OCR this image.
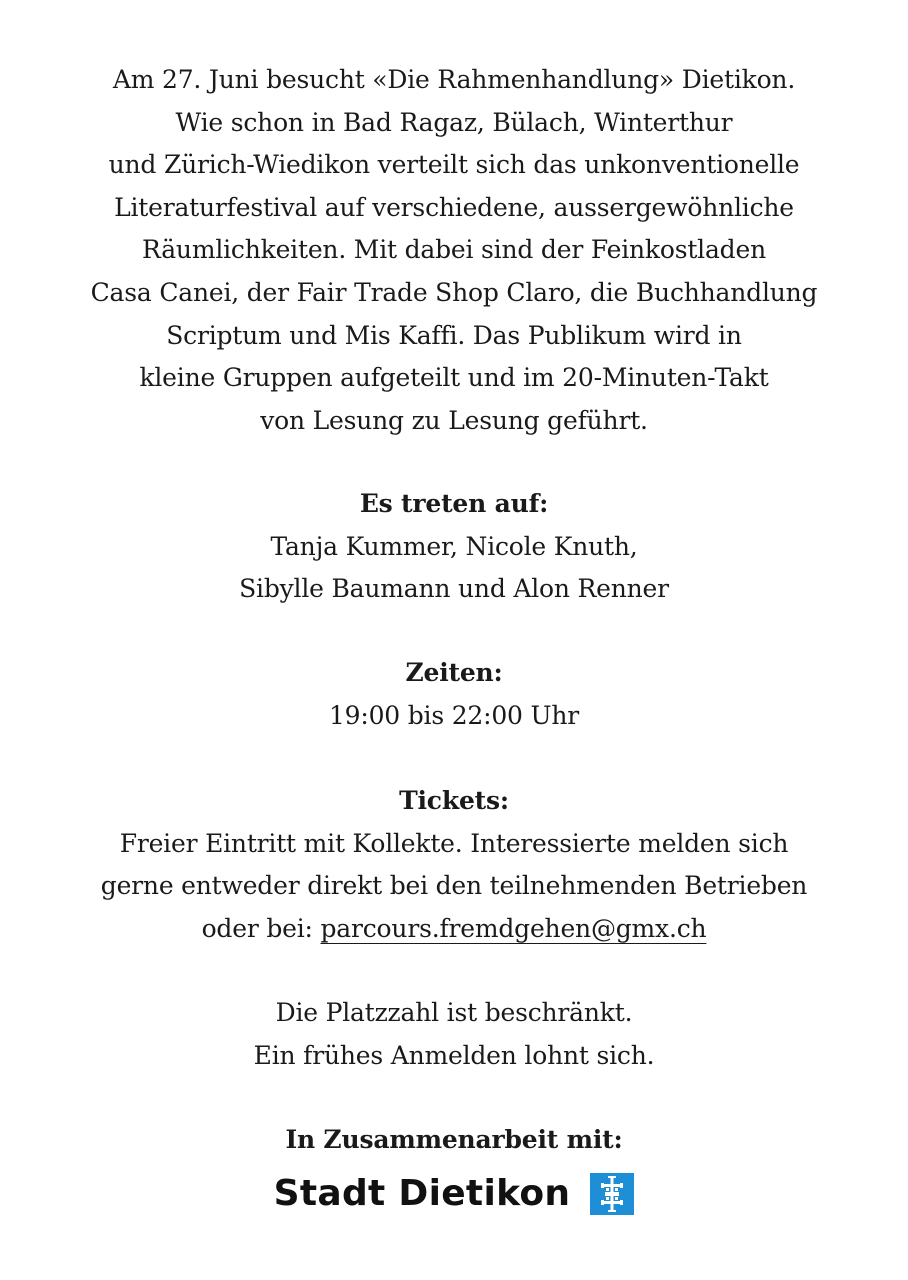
Am 27. Juni besucht «Die Rahmenhandlung» Dietikon.
Wie schon in Bad Ragaz, Bülach, Winterthur
und Zürich-Wiedikon verteilt sich das unkonventionelle
Literaturfestival auf verschiedene, aussergewöhnliche
Räumlichkeiten. Mit dabei sind der Feinkostladen
Casa Canei, der Fair Trade Shop Claro, die Buchhandlung
Scriptum und Mis Kaffi. Das Publikum wird in
kleine Gruppen aufgeteilt und im 20-Minuten-Takt
von Lesung zu Lesung geführt.
Es treten auf:
Tanja Kummer, Nicole Knuth,
Sibylle Baumann und Alon Renner
Zeiten:
19:00 bis 22:00 Uhr
Tickets:
Freier Eintritt mit Kollekte. Interessierte melden sich
gerne entweder direkt bei den teilnehmenden Betrieben
oder bei: parcours.fremdgehen@gmx.ch
Die Platzzahl ist beschränkt.
Ein frühes Anmelden lohnt sich.
In Zusammenarbeit mit:
Stadt Dietikon
